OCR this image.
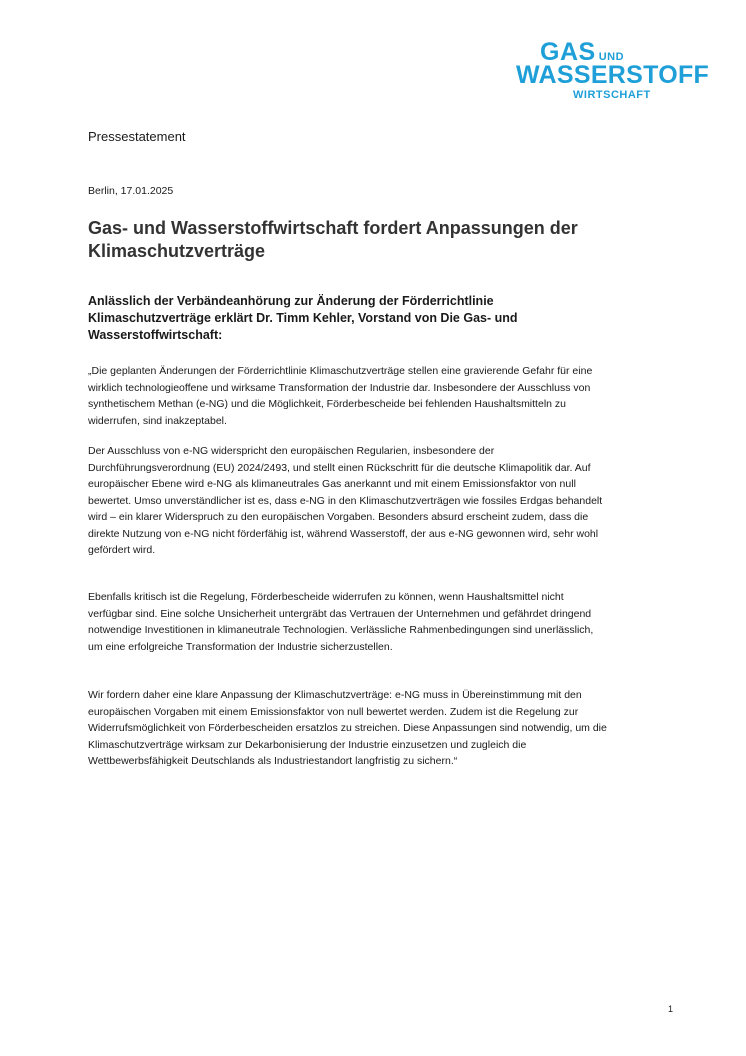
GAS UND
WASSERSTOFF
WIRTSCHAFT
Pressestatement
Berlin, 17.01.2025
Gas- und Wasserstoffwirtschaft fordert Anpassungen der Klimaschutzverträge

Anlässlich der Verbändeanhörung zur Änderung der Förderrichtlinie Klimaschutzverträge erklärt Dr. Timm Kehler, Vorstand von Die Gas- und Wasserstoffwirtschaft:

„Die geplanten Änderungen der Förderrichtlinie Klimaschutzverträge stellen eine gravierende Gefahr für eine wirklich technologieoffene und wirksame Transformation der Industrie dar. Insbesondere der Ausschluss von synthetischem Methan (e-NG) und die Möglichkeit, Förderbescheide bei fehlenden Haushaltsmitteln zu widerrufen, sind inakzeptabel.

Der Ausschluss von e-NG widerspricht den europäischen Regularien, insbesondere der Durchführungsverordnung (EU) 2024/2493, und stellt einen Rückschritt für die deutsche Klimapolitik dar. Auf europäischer Ebene wird e-NG als klimaneutrales Gas anerkannt und mit einem Emissionsfaktor von null bewertet. Umso unverständlicher ist es, dass e-NG in den Klimaschutzverträgen wie fossiles Erdgas behandelt wird – ein klarer Widerspruch zu den europäischen Vorgaben. Besonders absurd erscheint zudem, dass die direkte Nutzung von e-NG nicht förderfähig ist, während Wasserstoff, der aus e-NG gewonnen wird, sehr wohl gefördert wird.

Ebenfalls kritisch ist die Regelung, Förderbescheide widerrufen zu können, wenn Haushaltsmittel nicht verfügbar sind. Eine solche Unsicherheit untergräbt das Vertrauen der Unternehmen und gefährdet dringend notwendige Investitionen in klimaneutrale Technologien. Verlässliche Rahmenbedingungen sind unerlässlich, um eine erfolgreiche Transformation der Industrie sicherzustellen.

Wir fordern daher eine klare Anpassung der Klimaschutzverträge: e-NG muss in Übereinstimmung mit den europäischen Vorgaben mit einem Emissionsfaktor von null bewertet werden. Zudem ist die Regelung zur Widerrufsmöglichkeit von Förderbescheiden ersatzlos zu streichen. Diese Anpassungen sind notwendig, um die Klimaschutzverträge wirksam zur Dekarbonisierung der Industrie einzusetzen und zugleich die Wettbewerbsfähigkeit Deutschlands als Industriestandort langfristig zu sichern.“

1
